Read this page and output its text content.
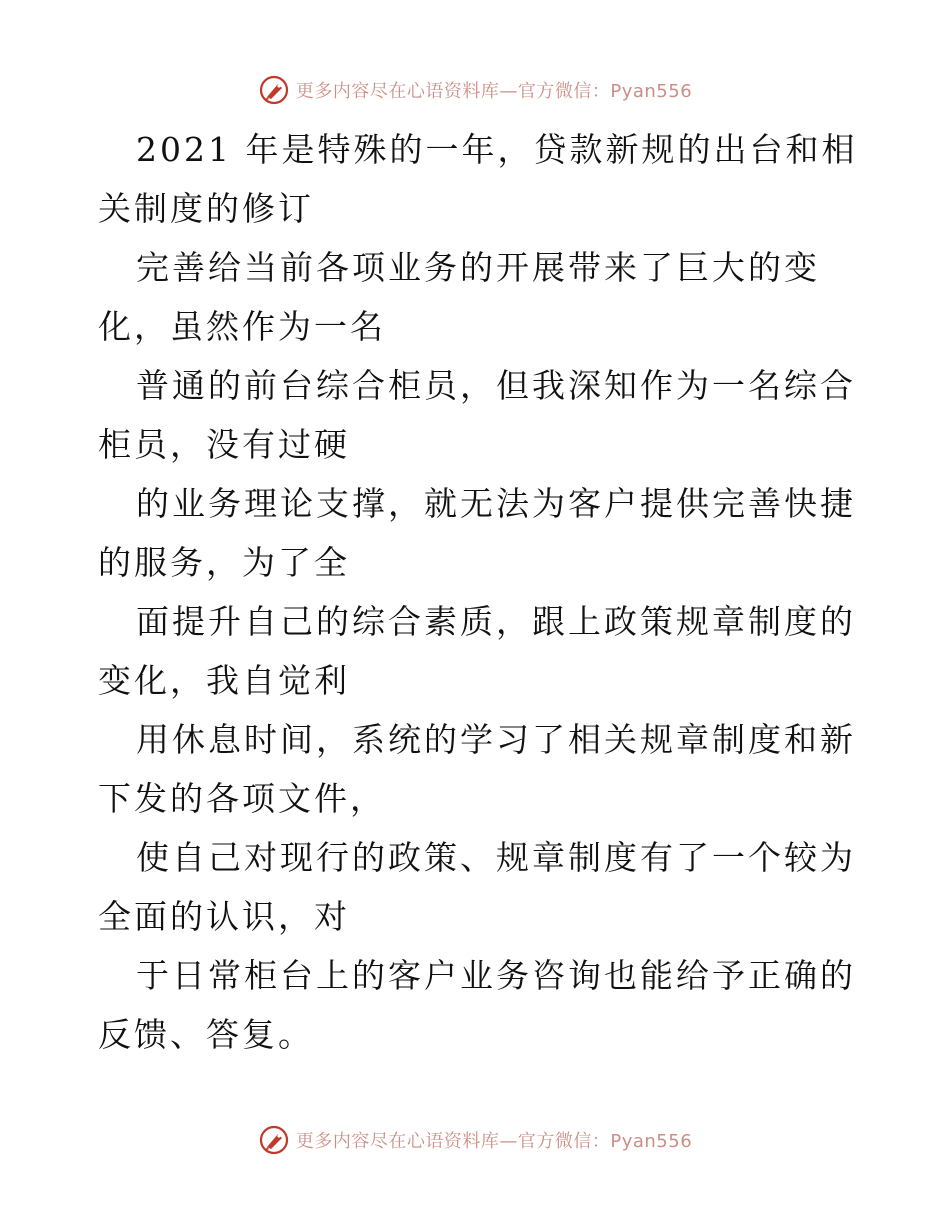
更多内容尽在心语资料库—官方微信：Pyan556

2021 年是特殊的一年，贷款新规的出台和相关制度的修订

完善给当前各项业务的开展带来了巨大的变化，虽然作为一名

普通的前台综合柜员，但我深知作为一名综合柜员，没有过硬

的业务理论支撑，就无法为客户提供完善快捷的服务，为了全

面提升自己的综合素质，跟上政策规章制度的变化，我自觉利

用休息时间，系统的学习了相关规章制度和新下发的各项文件，

使自己对现行的政策、规章制度有了一个较为全面的认识，对

于日常柜台上的客户业务咨询也能给予正确的反馈、答复。

更多内容尽在心语资料库—官方微信：Pyan556
